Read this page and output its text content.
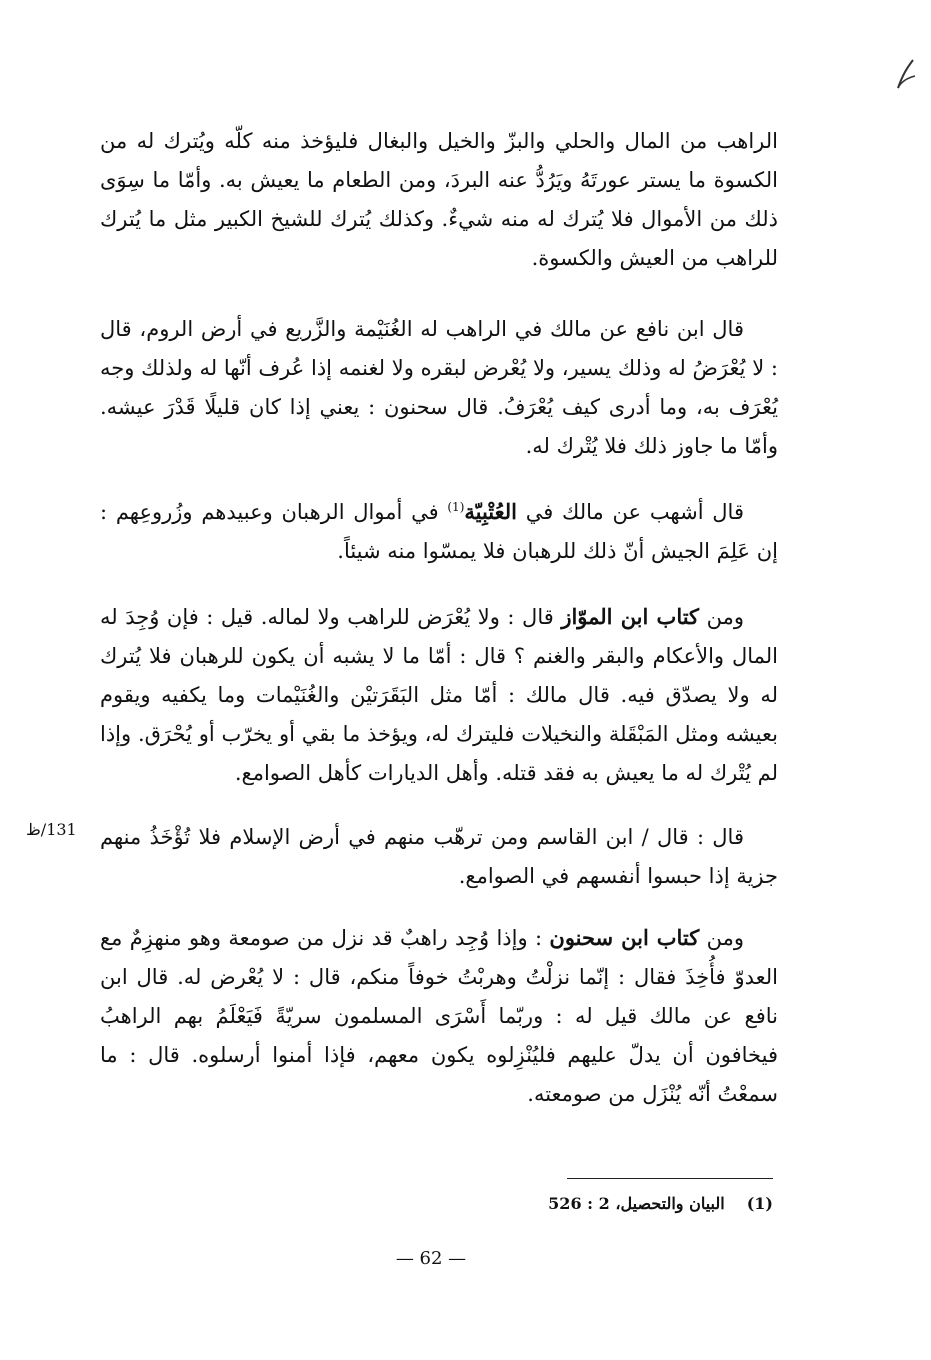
الراهب من المال والحلي والبزّ والخيل والبغال فليؤخذ منه كلّه ويُترك له من الكسوة ما يستر عورتَهُ ويَرُدُّ عنه البردَ، ومن الطعام ما يعيش به. وأمّا ما سِوَى ذلك من الأموال فلا يُترك له منه شيءٌ. وكذلك يُترك للشيخ الكبير مثل ما يُترك للراهب من العيش والكسوة.
قال ابن نافع عن مالك في الراهب له الغُنَيْمة والزَّريع في أرض الروم، قال : لا يُعْرَضُ له وذلك يسير، ولا يُعْرض لبقره ولا لغنمه إذا عُرف أنّها له ولذلك وجه يُعْرَف به، وما أدرى كيف يُعْرَفُ. قال سحنون : يعني إذا كان قليلًا قَدْرَ عيشه. وأمّا ما جاوز ذلك فلا يُتْرك له.
قال أشهب عن مالك في العُتْبِيّة$^{(1)}$ في أموال الرهبان وعبيدهم وزُروعِهم : إن عَلِمَ الجيش أنّ ذلك للرهبان فلا يمسّوا منه شيئاً.
ومن كتاب ابن الموّاز قال : ولا يُعْرَض للراهب ولا لماله. قيل : فإن وُجِدَ له المال والأعكام والبقر والغنم ؟ قال : أمّا ما لا يشبه أن يكون للرهبان فلا يُترك له ولا يصدّق فيه. قال مالك : أمّا مثل البَقَرَتيْن والغُنَيْمات وما يكفيه ويقوم بعيشه ومثل المَبْقَلة والنخيلات فليترك له، ويؤخذ ما بقي أو يخرّب أو يُحْرَق. وإذا لم يُتْرك له ما يعيش به فقد قتله. وأهل الديارات كأهل الصوامع.
قال : قال / ابن القاسم ومن ترهّب منهم في أرض الإسلام فلا تُؤْخَذُ منهم جزية إذا حبسوا أنفسهم في الصوامع.
131/ظ
ومن كتاب ابن سحنون : وإذا وُجِد راهبٌ قد نزل من صومعة وهو منهزِمٌ مع العدوّ فأُخِذَ فقال : إنّما نزلْتُ وهربْتُ خوفاً منكم، قال : لا يُعْرض له. قال ابن نافع عن مالك قيل له : وربّما أَسْرَى المسلمون سريّةً فَيَعْلَمُ بهم الراهبُ فيخافون أن يدلّ عليهم فليُنْزِلوه يكون معهم، فإذا أمنوا أرسلوه. قال : ما سمعْتُ أنّه يُنْزَل من صومعته.
(1)البيان والتحصيل، 2 : 526
— 62 —
